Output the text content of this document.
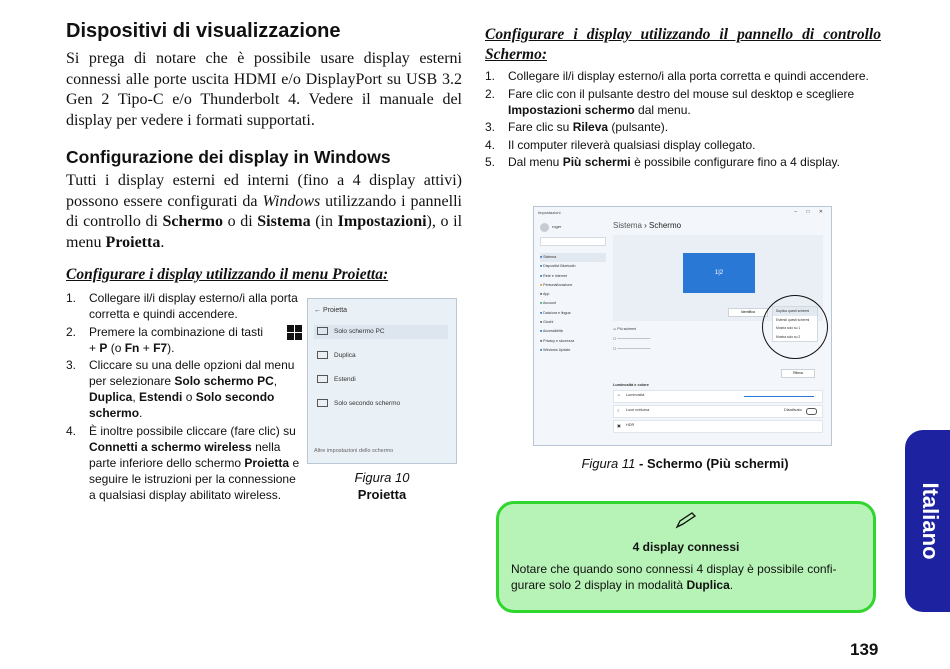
Dispositivi di visualizzazione
Si prega di notare che è possibile usare display esterni connessi alle porte uscita HDMI e/o DisplayPort su USB 3.2 Gen 2 Tipo-C e/o Thunderbolt 4. Vedere il manuale del display per vedere i formati supportati.
Configurazione dei display in Windows
Tutti i display esterni ed interni (fino a 4 display attivi) possono essere configurati da Windows utilizzando i pannelli di controllo di Schermo o di Sistema (in Impostazioni), o il menu Proietta.
Configurare i display utilizzando il menu Proietta:
1. Collegare il/i display esterno/i alla porta corretta e quindi accendere.
2. Premere la combinazione di tasti

+ P (o Fn + F7).
3. Cliccare su una delle opzioni dal menu per selezionare Solo schermo PC, Duplica, Estendi o Solo secondo schermo.
4. È inoltre possibile cliccare (fare clic) su Connetti a schermo wireless nella parte inferiore dello schermo Proietta e seguire le istruzioni per la connessione a qualsiasi display abilitato wireless.
← Proietta
Solo schermo PC
Duplica
Estendi
Solo secondo schermo
Altre impostazioni dello schermo
Figura 10
Proietta
Configurare i display utilizzando il pannello di controllo Schermo:
1. Collegare il/i display esterno/i alla porta corretta e quindi accendere.
2. Fare clic con il pulsante destro del mouse sul desktop e scegliere Impostazioni schermo dal menu.
3. Fare clic su Rileva (pulsante).
4. Il computer rileverà qualsiasi display collegato.
5. Dal menu Più schermi è possibile configurare fino a 4 display.
Impostazioni	– □ ✕
roger
■ Sistema
■ Dispositivi Bluetooth
■ Rete e Internet
■ Personalizzazione
■ App
■ Account
■ Data/ora e lingua
■ Giochi
■ Accessibilità
■ Privacy e sicurezza
■ Windows Update
Sistema › Schermo
1|2
Identifica	Duplica questi schermi
Estendi questi schermi
Mostra solo su 1
Mostra solo su 2
▭ Più schermi
☐ ─────────────
☐ ─────────────
Rileva
Luminosità e colore
☼ Luminosità
☾ Luce notturna	Disattivato
▣ HDR
Figura 11 - Schermo (Più schermi)
4 display connessi
Notare che quando sono connessi 4 display è possibile confi-gurare solo 2 display in modalità Duplica.
Italiano
139
